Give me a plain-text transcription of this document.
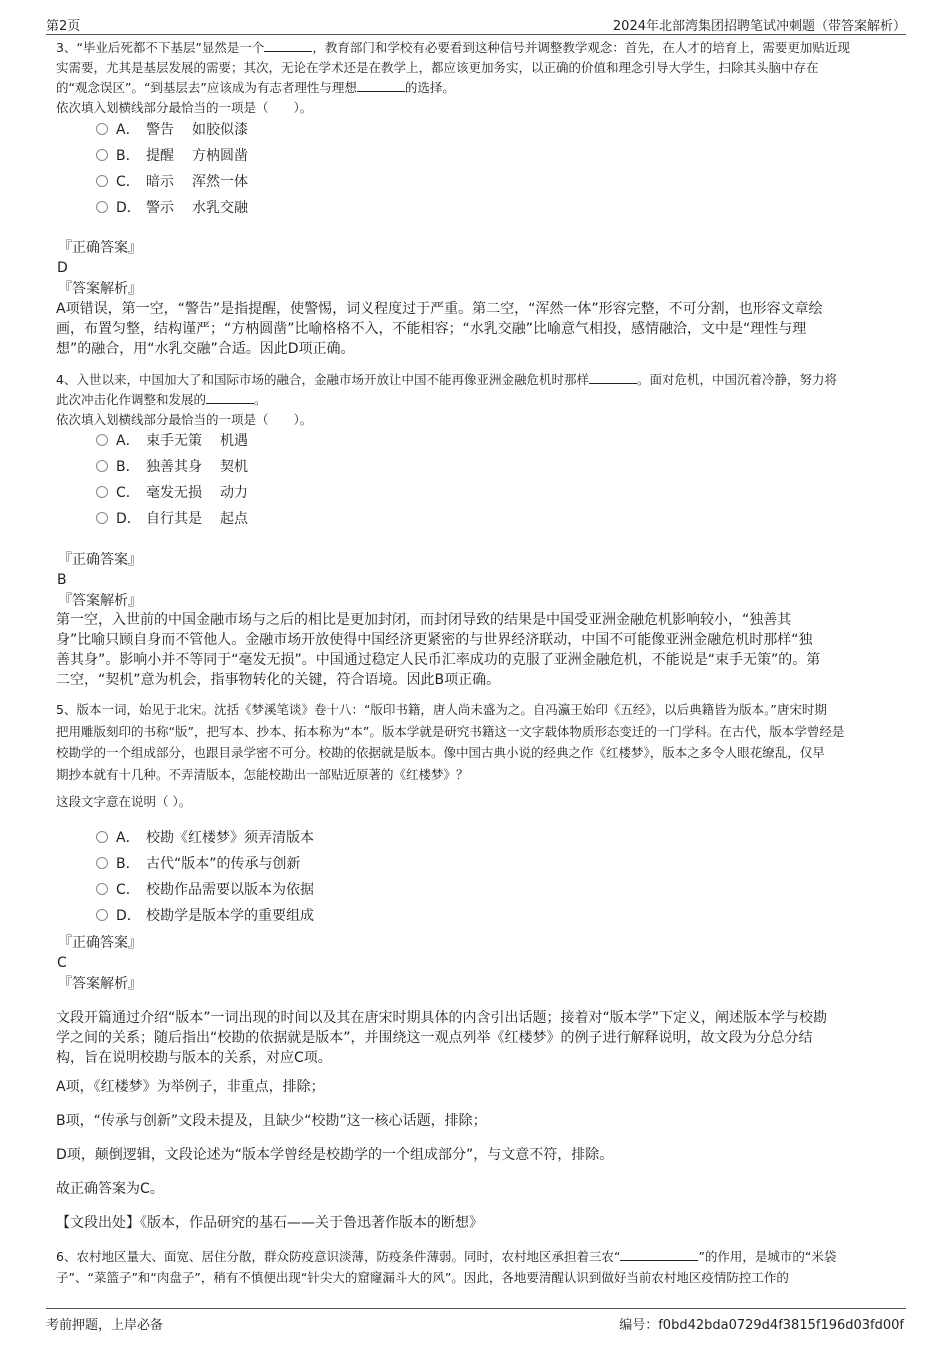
第2页	2024年北部湾集团招聘笔试冲刺题（带答案解析）
3、“毕业后死都不下基层”显然是一个	，教育部门和学校有必要看到这种信号并调整教学观念：首先，在人才的培育上，需要更加贴近现
实需要，尤其是基层发展的需要；其次，无论在学术还是在教学上，都应该更加务实，以正确的价值和理念引导大学生，扫除其头脑中存在
的“观念误区”。“到基层去”应该成为有志者理性与理想	的选择。
依次填入划横线部分最恰当的一项是（　　）。
A． 警告 如胶似漆
B． 提醒 方枘圆凿
C． 暗示 浑然一体
D． 警示 水乳交融
『正确答案』
D
『答案解析』
A项错误，第一空，“警告”是指提醒，使警惕，词义程度过于严重。第二空，“浑然一体”形容完整，不可分割，也形容文章绘
画，布置匀整，结构谨严；“方枘圆凿”比喻格格不入，不能相容；“水乳交融”比喻意气相投，感情融洽，文中是“理性与理
想”的融合，用“水乳交融”合适。因此D项正确。
4、入世以来，中国加大了和国际市场的融合，金融市场开放让中国不能再像亚洲金融危机时那样	。面对危机，中国沉着冷静，努力将
此次冲击化作调整和发展的	。
依次填入划横线部分最恰当的一项是（　　）。
A． 束手无策 机遇
B． 独善其身 契机
C． 毫发无损 动力
D． 自行其是 起点
『正确答案』
B
『答案解析』
第一空，入世前的中国金融市场与之后的相比是更加封闭，而封闭导致的结果是中国受亚洲金融危机影响较小，“独善其
身”比喻只顾自身而不管他人。金融市场开放使得中国经济更紧密的与世界经济联动，中国不可能像亚洲金融危机时那样“独
善其身”。影响小并不等同于“毫发无损”。中国通过稳定人民币汇率成功的克服了亚洲金融危机，不能说是“束手无策”的。第
二空，“契机”意为机会，指事物转化的关键，符合语境。因此B项正确。
5、版本一词，始见于北宋。沈括《梦溪笔谈》卷十八：“版印书籍，唐人尚未盛为之。自冯瀛王始印《五经》，以后典籍皆为版本。”唐宋时期
把用雕版刻印的书称“版”，把写本、抄本、拓本称为“本”。版本学就是研究书籍这一文字载体物质形态变迁的一门学科。在古代，版本学曾经是
校勘学的一个组成部分，也跟目录学密不可分。校勘的依据就是版本。像中国古典小说的经典之作《红楼梦》，版本之多令人眼花缭乱，仅早
期抄本就有十几种。不弄清版本，怎能校勘出一部贴近原著的《红楼梦》？
这段文字意在说明（ ）。
A． 校勘《红楼梦》须弄清版本
B． 古代“版本”的传承与创新
C． 校勘作品需要以版本为依据
D． 校勘学是版本学的重要组成
『正确答案』
C
『答案解析』
文段开篇通过介绍“版本”一词出现的时间以及其在唐宋时期具体的内含引出话题；接着对“版本学”下定义，阐述版本学与校勘
学之间的关系；随后指出“校勘的依据就是版本”，并围绕这一观点列举《红楼梦》的例子进行解释说明，故文段为分总分结
构，旨在说明校勘与版本的关系，对应C项。
A项，《红楼梦》为举例子，非重点，排除；
B项，“传承与创新”文段未提及，且缺少“校勘”这一核心话题，排除；
D项，颠倒逻辑，文段论述为“版本学曾经是校勘学的一个组成部分”，与文意不符，排除。
故正确答案为C。
【文段出处】《版本，作品研究的基石——关于鲁迅著作版本的断想》
6、农村地区量大、面宽、居住分散，群众防疫意识淡薄，防疫条件薄弱。同时，农村地区承担着三农“	”的作用，是城市的“米袋
子”、“菜篮子”和“肉盘子”，稍有不慎便出现“针尖大的窟窿漏斗大的风”。因此，各地要清醒认识到做好当前农村地区疫情防控工作的
考前押题，上岸必备	编号：f0bd42bda0729d4f3815f196d03fd00f
